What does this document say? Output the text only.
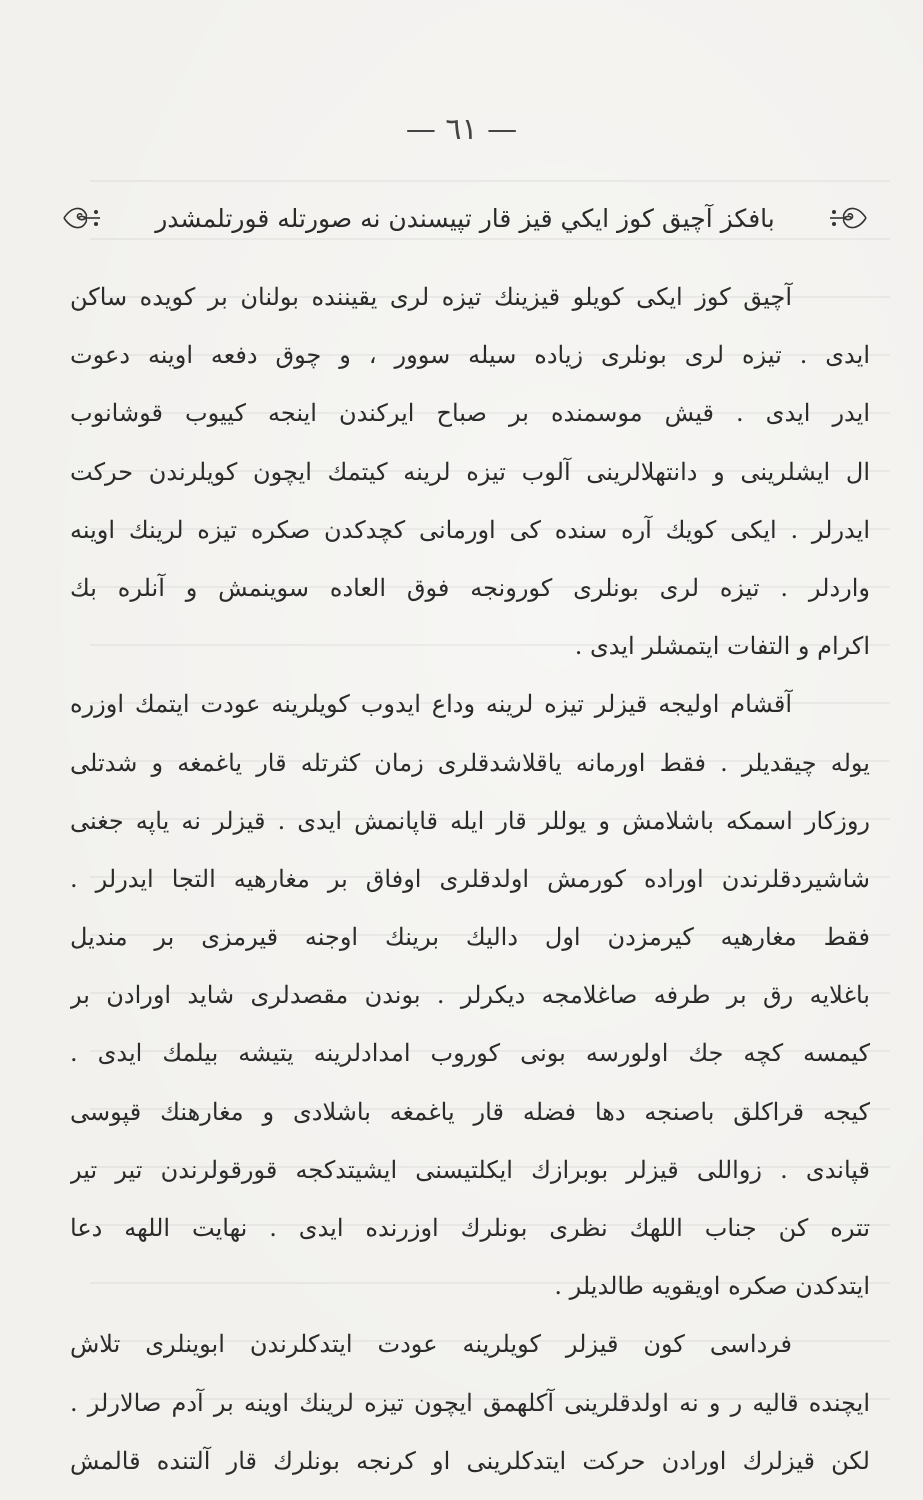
— ٦١ —
بافكز آچيق كوز ايكي قيز قار تپيسندن نه صورتله قورتلمشدر
آچيق كوز ايكى كويلو قيزينك تيزه لرى يقيننده بولنان بر كويده ساكن
ايدى . تيزه لرى بونلرى زياده سيله سوور ، و چوق دفعه اوينه دعوت
ايدر ايدى . قيش موسمنده بر صباح ايركندن اينجه كييوب قوشانوب
ال ايشلرينى و دانتهلالرينى آلوب تيزه لرينه كيتمك ايچون كويلرندن حركت
ايدرلر . ايكى كويك آره سنده كى اورمانى كچدكدن صكره تيزه لرينك اوينه
واردلر . تيزه لرى بونلرى كورونجه فوق العاده سوينمش و آنلره بك
اكرام و التفات ايتمشلر ايدى .
آقشام اوليجه قيزلر تيزه لرينه وداع ايدوب كويلرينه عودت ايتمك اوزره
يوله چيقديلر . فقط اورمانه ياقلاشدقلرى زمان كثرتله قار ياغمغه و شدتلى
روزكار اسمكه باشلامش و يوللر قار ايله قاپانمش ايدى . قيزلر نه ياپه جغنى
شاشيردقلرندن اوراده كورمش اولدقلرى اوفاق بر مغارهيه التجا ايدرلر .
فقط مغارهيه كيرمزدن اول داليك برينك اوجنه قيرمزى بر منديل
باغلايه رق بر طرفه صاغلامجه ديكرلر . بوندن مقصدلرى شايد اورادن بر
كيمسه كچه جك اولورسه بونى كوروب امدادلرينه يتيشه بيلمك ايدى .
كيجه قراكلق باصنجه دها فضله قار ياغمغه باشلادى و مغارهنك قپوسى
قپاندى . زواللى قيزلر بوبرازك ايكلتيسنى ايشيتدكجه قورقولرندن تير تير
تتره كن جناب اللهك نظرى بونلرك اوزرنده ايدى . نهايت اللهه دعا
ايتدكدن صكره اويقويه طالديلر .
فرداسى كون قيزلر كويلرينه عودت ايتدكلرندن ابوينلرى تلاش
ايچنده قاليه ر و نه اولدقلرينى آكلهمق ايچون تيزه لرينك اوينه بر آدم صالارلر .
لكن قيزلرك اورادن حركت ايتدكلرينى او كرنجه بونلرك قار آلتنده قالمش
